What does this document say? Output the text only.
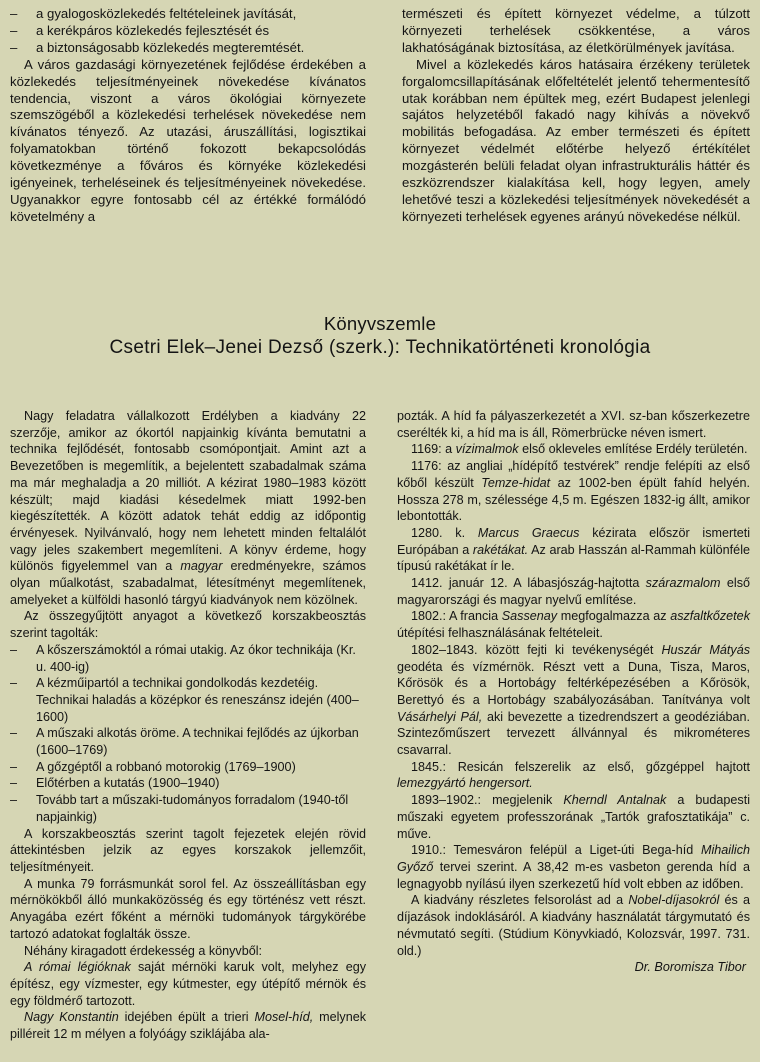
– a gyalogosközlekedés feltételeinek javítását,
– a kerékpáros közlekedés fejlesztését és
– a biztonságosabb közlekedés megteremtését.

A város gazdasági környezetének fejlődése érdekében a közlekedés teljesítményeinek növekedése kívánatos tendencia, viszont a város ökológiai környezete szemszögéből a közlekedési terhelések növekedése nem kívánatos tényező. Az utazási, áruszállítási, logisztikai folyamatokban történő fokozott bekapcsolódás következménye a főváros és környéke közlekedési igényeinek, terheléseinek és teljesítményeinek növekedése. Ugyanakkor egyre fontosabb cél az értékké formálódó követelmény a

természeti és épített környezet védelme, a túlzott környezeti terhelések csökkentése, a város lakhatóságának biztosítása, az életkörülmények javítása.

Mivel a közlekedés káros hatásaira érzékeny területek forgalomcsillapításának előfeltételét jelentő tehermentesítő utak korábban nem épültek meg, ezért Budapest jelenlegi sajátos helyzetéből fakadó nagy kihívás a növekvő mobilitás befogadása. Az ember természeti és épített környezet védelmét előtérbe helyező értékítélet mozgásterén belüli feladat olyan infrastrukturális háttér és eszközrendszer kialakítása kell, hogy legyen, amely lehetővé teszi a közlekedési teljesítmények növekedését a környezeti terhelések egyenes arányú növekedése nélkül.

Könyvszemle
Csetri Elek–Jenei Dezső (szerk.): Technikatörténeti kronológia

Nagy feladatra vállalkozott Erdélyben a kiadvány 22 szerzője, amikor az ókortól napjainkig kívánta bemutatni a technika fejlődését, fontosabb csomópontjait. Amint azt a Bevezetőben is megemlítik, a bejelentett szabadalmak száma ma már meghaladja a 20 milliót. A kézirat 1980–1983 között készült; majd kiadási késedelmek miatt 1992-ben kiegészítették. A között adatok tehát eddig az időpontig érvényesek. Nyilvánvaló, hogy nem lehetett minden feltalálót vagy jeles szakembert megemlíteni. A könyv érdeme, hogy különös figyelemmel van a magyar eredményekre, számos olyan műalkotást, szabadalmat, létesítményt megemlítenek, amelyeket a külföldi hasonló tárgyú kiadványok nem közölnek.

Az összegyűjtött anyagot a következő korszakbeosztás szerint tagolták:

– A kőszerszámoktól a római utakig. Az ókor technikája (Kr. u. 400-ig)
– A kézműipartól a technikai gondolkodás kezdetéig. Technikai haladás a középkor és reneszánsz idején (400–1600)
– A műszaki alkotás öröme. A technikai fejlődés az újkorban (1600–1769)
– A gőzgéptől a robbanó motorokig (1769–1900)
– Előtérben a kutatás (1900–1940)
– Tovább tart a műszaki-tudományos forradalom (1940-től napjainkig)

A korszakbeosztás szerint tagolt fejezetek elején rövid áttekintésben jelzik az egyes korszakok jellemzőit, teljesítményeit.

A munka 79 forrásmunkát sorol fel. Az összeállításban egy mérnökökből álló munkaközösség és egy történész vett részt. Anyagába ezért főként a mérnöki tudományok tárgykörébe tartozó adatokat foglalták össze.

Néhány kiragadott érdekesség a könyvből:

A római légióknak saját mérnöki karuk volt, melyhez egy építész, egy vízmester, egy kútmester, egy útépítő mérnök és egy földmérő tartozott.

Nagy Konstantin idejében épült a trieri Mosel-híd, melynek pilléreit 12 m mélyen a folyóágy sziklájába ala-

pozták. A híd fa pályaszerkezetét a XVI. sz-ban kőszerkezetre cserélték ki, a híd ma is áll, Römerbrücke néven ismert.

1169: a vízimalmok első okleveles említése Erdély területén.

1176: az angliai „hídépítő testvérek” rendje felépíti az első kőből készült Temze-hidat az 1002-ben épült fahíd helyén. Hossza 278 m, szélessége 4,5 m. Egészen 1832-ig állt, amikor lebontották.

1280. k. Marcus Graecus kézirata először ismerteti Európában a rakétákat. Az arab Hasszán al-Rammah különféle típusú rakétákat ír le.

1412. január 12. A lábasjószág-hajtotta szárazmalom első magyarországi és magyar nyelvű említése.

1802.: A francia Sassenay megfogalmazza az aszfaltkőzetek útépítési felhasználásának feltételeit.

1802–1843. között fejti ki tevékenységét Huszár Mátyás geodéta és vízmérnök. Részt vett a Duna, Tisza, Maros, Kőrösök és a Hortobágy feltérképezésében a Kőrösök, Berettyó és a Hortobágy szabályozásában. Tanítványa volt Vásárhelyi Pál, aki bevezette a tizedrendszert a geodéziában. Szintezőműszert tervezett állvánnyal és mikrométeres csavarral.

1845.: Resicán felszerelik az első, gőzgéppel hajtott lemezgyártó hengersort.

1893–1902.: megjelenik Kherndl Antalnak a budapesti műszaki egyetem professzorának „Tartók grafosztatikája” c. műve.

1910.: Temesváron felépül a Liget-úti Bega-híd Mihailich Győző tervei szerint. A 38,42 m-es vasbeton gerenda híd a legnagyobb nyílású ilyen szerkezetű híd volt ebben az időben.

A kiadvány részletes felsorolást ad a Nobel-díjasokról és a díjazások indoklásáról. A kiadvány használatát tárgymutató és névmutató segíti. (Stúdium Könyvkiadó, Kolozsvár, 1997. 731. old.)

Dr. Boromisza Tibor
